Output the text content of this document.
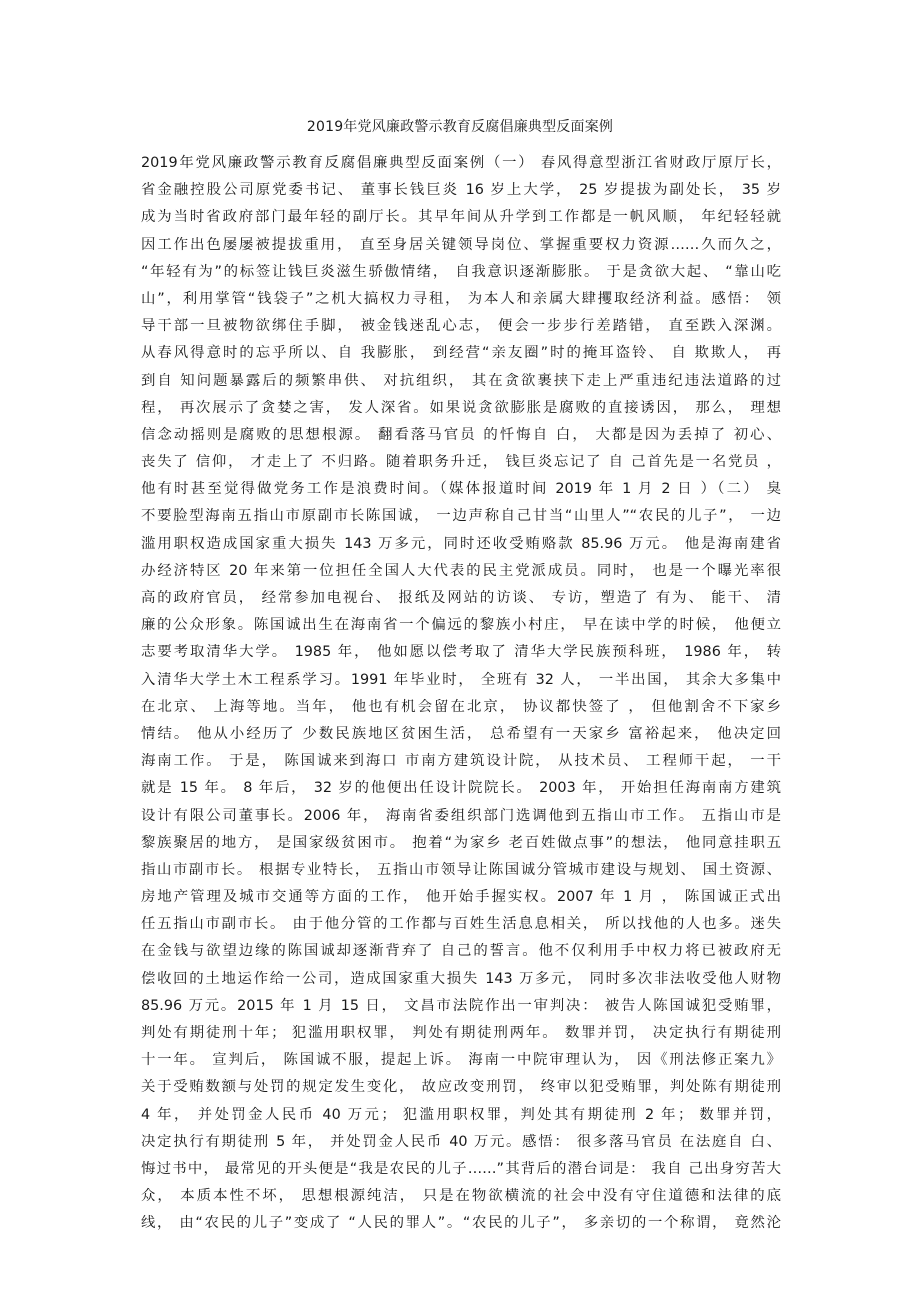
2019年党风廉政警示教育反腐倡廉典型反面案例
2019年党风廉政警示教育反腐倡廉典型反面案例（一） 春风得意型浙江省财政厅原厅长，
省金融控股公司原党委书记、 董事长钱巨炎 16 岁上大学， 25 岁提拔为副处长， 35 岁
成为当时省政府部门最年轻的副厅长。其早年间从升学到工作都是一帆风顺， 年纪轻轻就
因工作出色屡屡被提拔重用， 直至身居关键领导岗位、掌握重要权力资源……久而久之，
“年轻有为”的标签让钱巨炎滋生骄傲情绪， 自我意识逐渐膨胀。 于是贪欲大起、 “靠山吃
山”，利用掌管“钱袋子”之机大搞权力寻租， 为本人和亲属大肆攫取经济利益。感悟： 领
导干部一旦被物欲绑住手脚， 被金钱迷乱心志， 便会一步步行差踏错， 直至跌入深渊。
从春风得意时的忘乎所以、自 我膨胀， 到经营“亲友圈”时的掩耳盗铃、 自 欺欺人， 再
到自 知问题暴露后的频繁串供、 对抗组织， 其在贪欲裹挟下走上严重违纪违法道路的过
程， 再次展示了贪婪之害， 发人深省。如果说贪欲膨胀是腐败的直接诱因， 那么， 理想
信念动摇则是腐败的思想根源。 翻看落马官员 的忏悔自 白， 大都是因为丢掉了 初心、
丧失了 信仰， 才走上了 不归路。随着职务升迁， 钱巨炎忘记了 自 己首先是一名党员 ，
他有时甚至觉得做党务工作是浪费时间。（媒体报道时间 2019 年 1 月 2 日 ）（二） 臭
不要脸型海南五指山市原副市长陈国诚， 一边声称自己甘当“山里人”“农民的儿子”， 一边
滥用职权造成国家重大损失 143 万多元，同时还收受贿赂款 85.96 万元。 他是海南建省
办经济特区 20 年来第一位担任全国人大代表的民主党派成员。同时， 也是一个曝光率很
高的政府官员， 经常参加电视台、 报纸及网站的访谈、 专访，塑造了 有为、 能干、 清
廉的公众形象。陈国诚出生在海南省一个偏远的黎族小村庄， 早在读中学的时候， 他便立
志要考取清华大学。 1985 年， 他如愿以偿考取了 清华大学民族预科班， 1986 年， 转
入清华大学土木工程系学习。1991 年毕业时， 全班有 32 人， 一半出国， 其余大多集中
在北京、 上海等地。当年， 他也有机会留在北京， 协议都快签了 ， 但他割舍不下家乡
情结。 他从小经历了 少数民族地区贫困生活， 总希望有一天家乡 富裕起来， 他决定回
海南工作。 于是， 陈国诚来到海口 市南方建筑设计院， 从技术员、 工程师干起， 一干
就是 15 年。 8 年后， 32 岁的他便出任设计院院长。 2003 年， 开始担任海南南方建筑
设计有限公司董事长。2006 年， 海南省委组织部门选调他到五指山市工作。 五指山市是
黎族聚居的地方， 是国家级贫困市。 抱着“为家乡 老百姓做点事”的想法， 他同意挂职五
指山市副市长。 根据专业特长， 五指山市领导让陈国诚分管城市建设与规划、 国土资源、
房地产管理及城市交通等方面的工作， 他开始手握实权。2007 年 1 月 ， 陈国诚正式出
任五指山市副市长。 由于他分管的工作都与百姓生活息息相关， 所以找他的人也多。迷失
在金钱与欲望边缘的陈国诚却逐渐背弃了 自己的誓言。他不仅利用手中权力将已被政府无
偿收回的土地运作给一公司，造成国家重大损失 143 万多元， 同时多次非法收受他人财物
85.96 万元。2015 年 1 月 15 日， 文昌市法院作出一审判决： 被告人陈国诚犯受贿罪，
判处有期徒刑十年； 犯滥用职权罪， 判处有期徒刑两年。 数罪并罚， 决定执行有期徒刑
十一年。 宣判后， 陈国诚不服，提起上诉。 海南一中院审理认为， 因《刑法修正案九》
关于受贿数额与处罚的规定发生变化， 故应改变刑罚， 终审以犯受贿罪，判处陈有期徒刑
4 年， 并处罚金人民币 40 万元； 犯滥用职权罪，判处其有期徒刑 2 年； 数罪并罚，
决定执行有期徒刑 5 年， 并处罚金人民币 40 万元。感悟： 很多落马官员 在法庭自 白、
悔过书中， 最常见的开头便是“我是农民的儿子……”其背后的潜台词是： 我自 己出身穷苦大
众， 本质本性不坏， 思想根源纯洁， 只是在物欲横流的社会中没有守住道德和法律的底
线， 由“农民的儿子”变成了 “人民的罪人”。“农民的儿子”， 多亲切的一个称谓， 竟然沦
